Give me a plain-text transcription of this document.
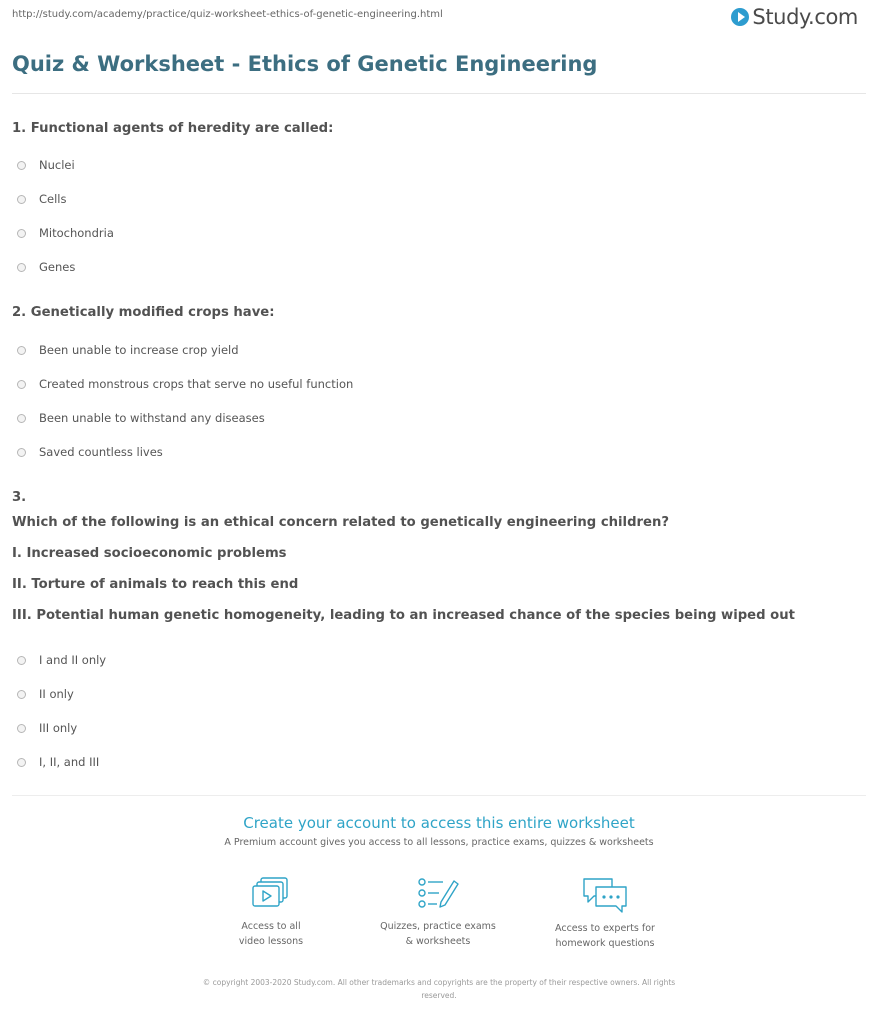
http://study.com/academy/practice/quiz-worksheet-ethics-of-genetic-engineering.html	Study.com
Quiz & Worksheet - Ethics of Genetic Engineering
1. Functional agents of heredity are called:
Nuclei
Cells
Mitochondria
Genes
2. Genetically modified crops have:
Been unable to increase crop yield
Created monstrous crops that serve no useful function
Been unable to withstand any diseases
Saved countless lives
3.
Which of the following is an ethical concern related to genetically engineering children?
I. Increased socioeconomic problems
II. Torture of animals to reach this end
III. Potential human genetic homogeneity, leading to an increased chance of the species being wiped out
I and II only
II only
III only
I, II, and III
Create your account to access this entire worksheet
A Premium account gives you access to all lessons, practice exams, quizzes & worksheets
Access to all
video lessons
Quizzes, practice exams
& worksheets
Access to experts for
homework questions
© copyright 2003-2020 Study.com. All other trademarks and copyrights are the property of their respective owners. All rights
reserved.
